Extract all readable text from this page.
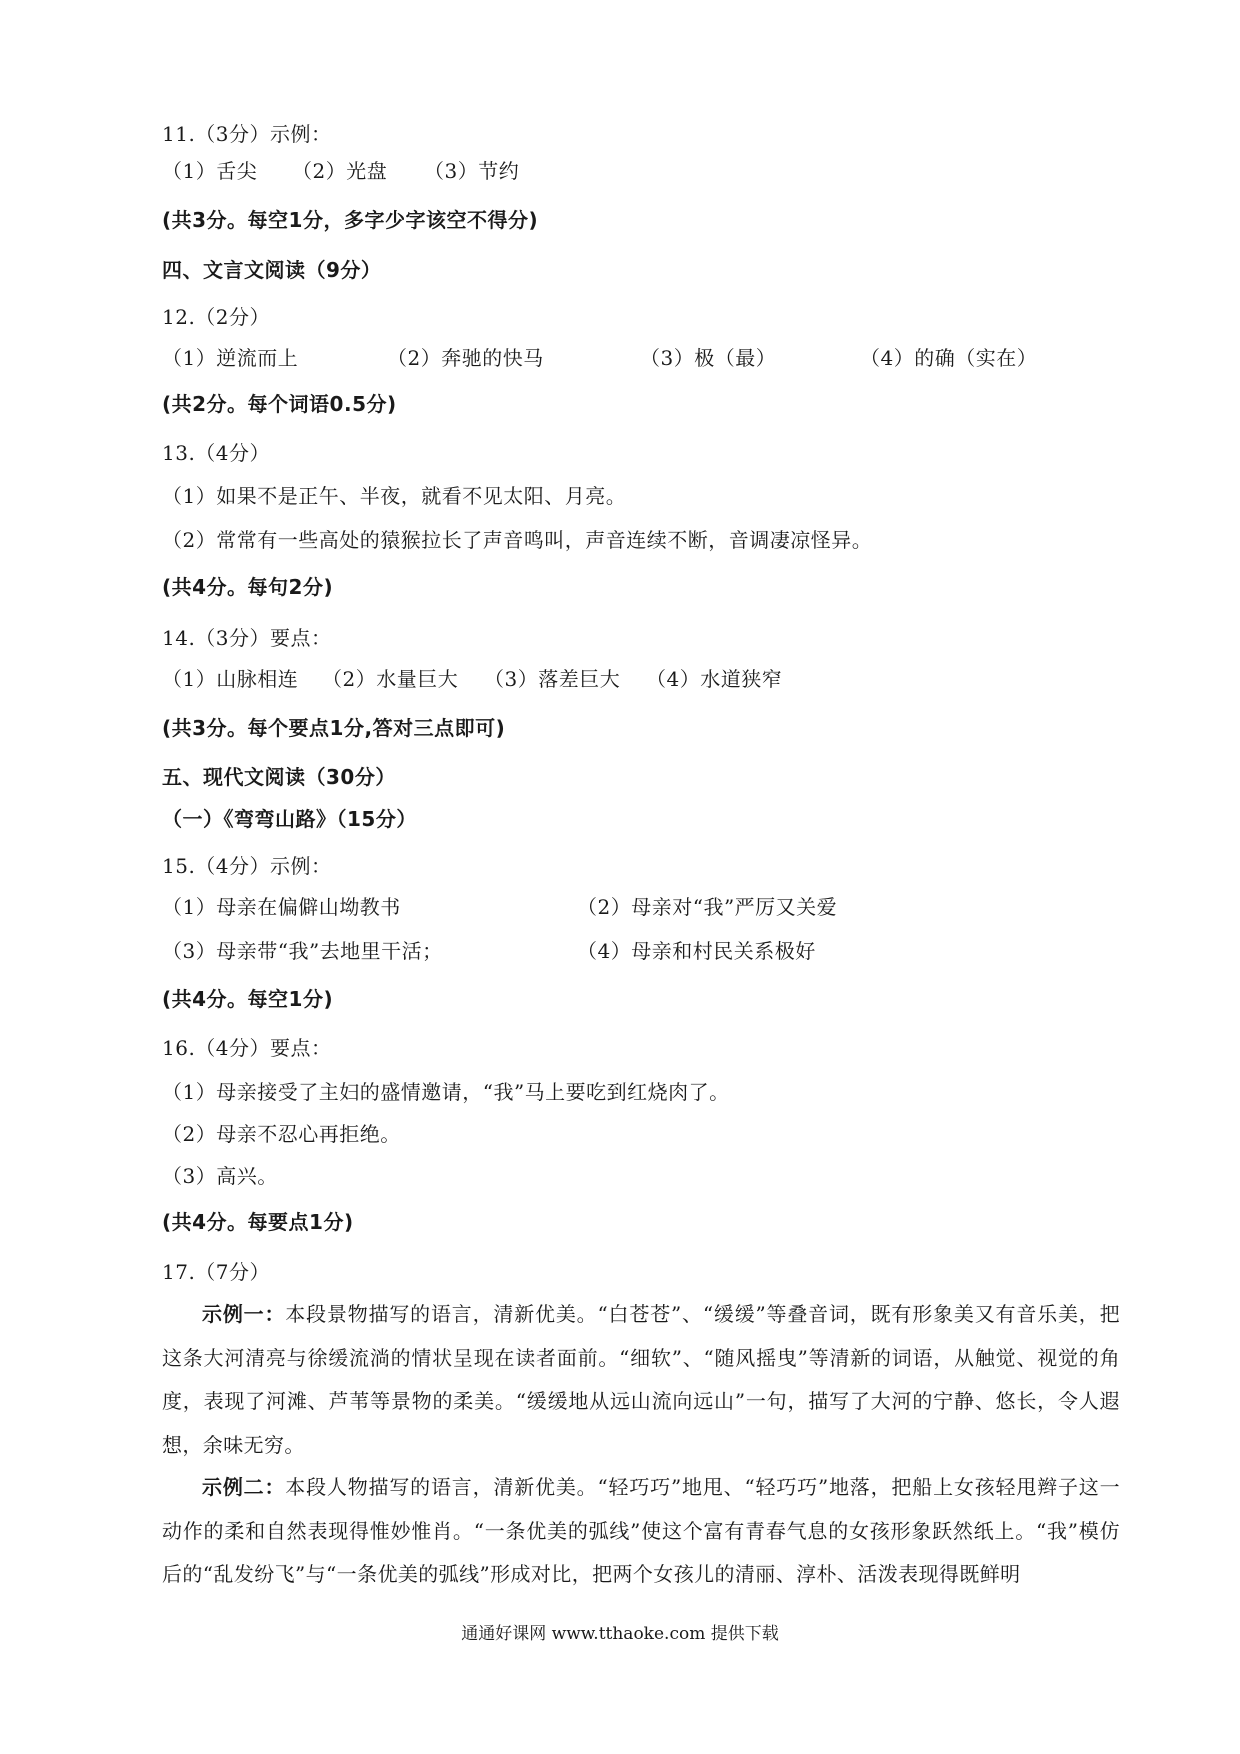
11.（3分）示例：
（1）舌尖 （2）光盘 （3）节约
(共3分。每空1分，多字少字该空不得分)
四、文言文阅读（9分）
12.（2分）
（1）逆流而上	（2）奔驰的快马	（3）极（最）	（4）的确（实在）
(共2分。每个词语0.5分)
13.（4分）
（1）如果不是正午、半夜，就看不见太阳、月亮。
（2）常常有一些高处的猿猴拉长了声音鸣叫，声音连续不断，音调凄凉怪异。
(共4分。每句2分)
14.（3分）要点：
（1）山脉相连 （2）水量巨大 （3）落差巨大 （4）水道狭窄
(共3分。每个要点1分,答对三点即可)
五、现代文阅读（30分）
（一）《弯弯山路》（15分）
15.（4分）示例：
（1）母亲在偏僻山坳教书	（2）母亲对“我”严厉又关爱
（3）母亲带“我”去地里干活；	（4）母亲和村民关系极好
(共4分。每空1分)
16.（4分）要点：
（1）母亲接受了主妇的盛情邀请，“我”马上要吃到红烧肉了。
（2）母亲不忍心再拒绝。
（3）高兴。
(共4分。每要点1分)
17.（7分）
示例一：本段景物描写的语言，清新优美。“白苍苍”、“缓缓”等叠音词，既有形象美又有音乐美，把这条大河清亮与徐缓流淌的情状呈现在读者面前。“细软”、“随风摇曳”等清新的词语，从触觉、视觉的角度，表现了河滩、芦苇等景物的柔美。“缓缓地从远山流向远山”一句，描写了大河的宁静、悠长，令人遐想，余味无穷。
示例二：本段人物描写的语言，清新优美。“轻巧巧”地甩、“轻巧巧”地落，把船上女孩轻甩辫子这一动作的柔和自然表现得惟妙惟肖。“一条优美的弧线”使这个富有青春气息的女孩形象跃然纸上。“我”模仿后的“乱发纷飞”与“一条优美的弧线”形成对比，把两个女孩儿的清丽、淳朴、活泼表现得既鲜明
通通好课网 www.tthaoke.com 提供下载
